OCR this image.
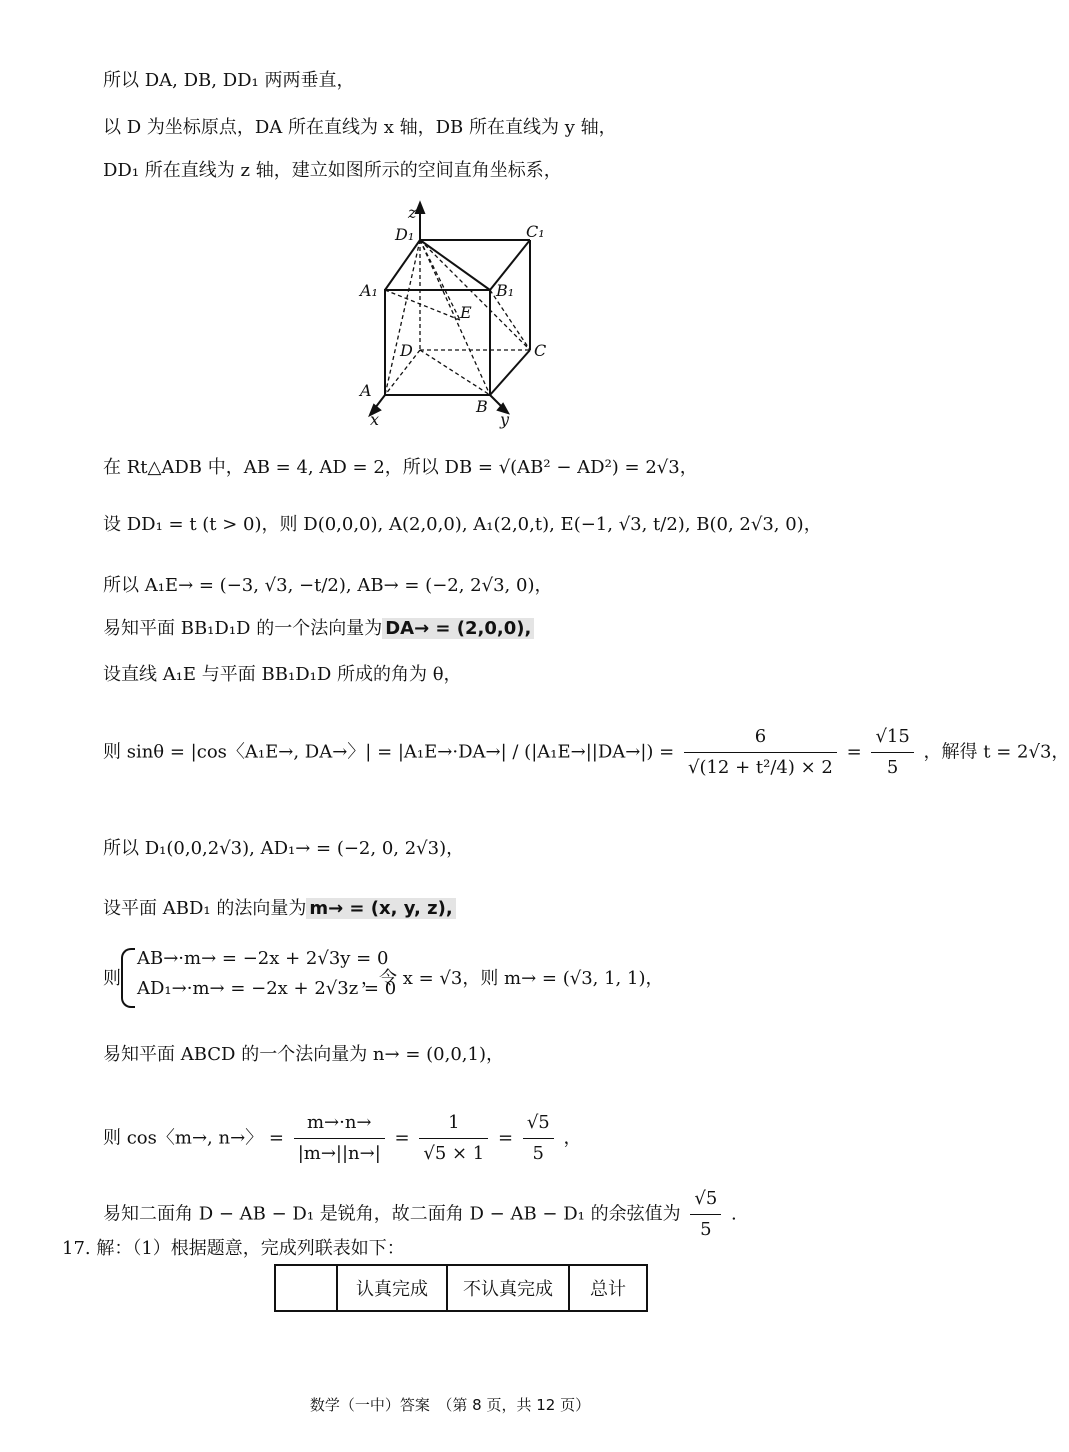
所以 DA, DB, DD₁ 两两垂直，
以 D 为坐标原点，DA 所在直线为 x 轴，DB 所在直线为 y 轴，
DD₁ 所在直线为 z 轴，建立如图所示的空间直角坐标系，
z
D₁	C₁
A₁	B₁
E
D	C
A
B
x	y
在 Rt△ADB 中，AB = 4, AD = 2，所以 DB = √(AB² − AD²) = 2√3，
设 DD₁ = t (t > 0)，则 D(0,0,0), A(2,0,0), A₁(2,0,t), E(−1, √3, t/2), B(0, 2√3, 0)，
所以 A₁E→ = (−3, √3, −t/2), AB→ = (−2, 2√3, 0)，
易知平面 BB₁D₁D 的一个法向量为 DA→ = (2,0,0),
设直线 A₁E 与平面 BB₁D₁D 所成的角为 θ，
则 sinθ = |cos〈A₁E→, DA→〉| = $|A_1E\to\cdot DA\to| / (|A_1E\to||DA\to|) = \frac{6}{\text{√(12 + t²/4) × 2}} = \frac{√15}{5}$ ，解得 t = 2√3，
所以 D₁(0,0,2√3), AD₁→ = (−2, 0, 2√3)，
设平面 ABD₁ 的法向量为 m→ = (x, y, z),
则
AB→·m→ = −2x + 2√3y = 0
AD₁→·m→ = −2x + 2√3z = 0
，令 x = √3，则 m→ = (√3, 1, 1)，
易知平面 ABCD 的一个法向量为 n→ = (0,0,1)，
则 cos〈m→, n→〉 = $\frac{m\to\cdot n\to}{|m\to||n\to|} = \frac{1}{√5 \times 1} = \frac{√5}{5}$ ，
易知二面角 D − AB − D₁ 是锐角，故二面角 D − AB − D₁ 的余弦值为 $\frac{√5}{5}$ .
17. 解：（1）根据题意，完成列联表如下：
	认真完成	不认真完成	总计
数学（一中）答案　（第 8 页，共 12 页）
